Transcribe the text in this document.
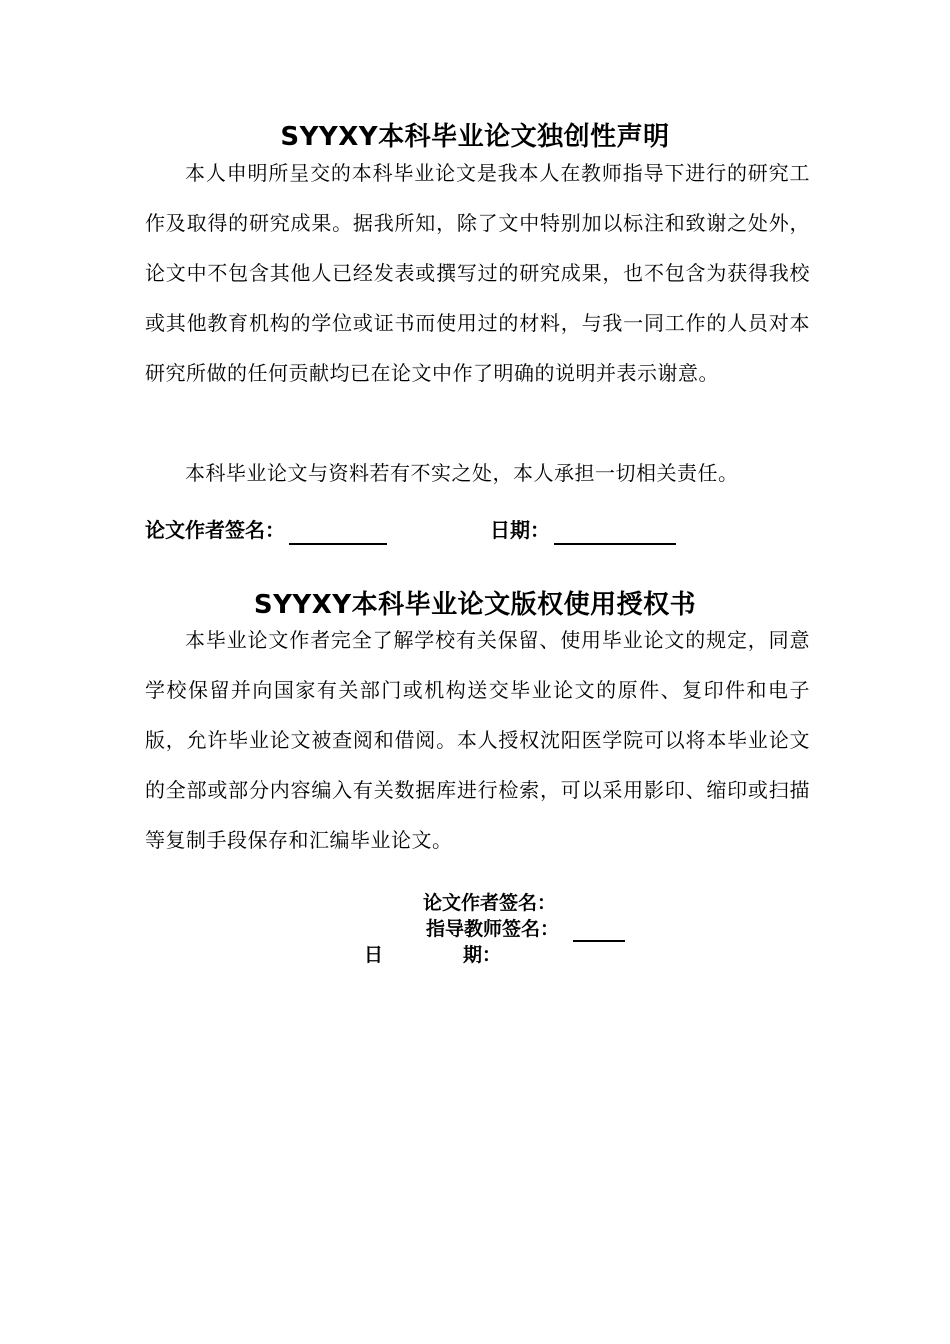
SYYXY本科毕业论文独创性声明

本人申明所呈交的本科毕业论文是我本人在教师指导下进行的研究工作及取得的研究成果。据我所知，除了文中特别加以标注和致谢之处外，论文中不包含其他人已经发表或撰写过的研究成果，也不包含为获得我校或其他教育机构的学位或证书而使用过的材料，与我一同工作的人员对本研究所做的任何贡献均已在论文中作了明确的说明并表示谢意。

本科毕业论文与资料若有不实之处，本人承担一切相关责任。

论文作者签名：	日期：
SYYXY本科毕业论文版权使用授权书

本毕业论文作者完全了解学校有关保留、使用毕业论文的规定，同意学校保留并向国家有关部门或机构送交毕业论文的原件、复印件和电子版，允许毕业论文被查阅和借阅。本人授权沈阳医学院可以将本毕业论文的全部或部分内容编入有关数据库进行检索，可以采用影印、缩印或扫描等复制手段保存和汇编毕业论文。

论文作者签名：
指导教师签名：
日	期：
